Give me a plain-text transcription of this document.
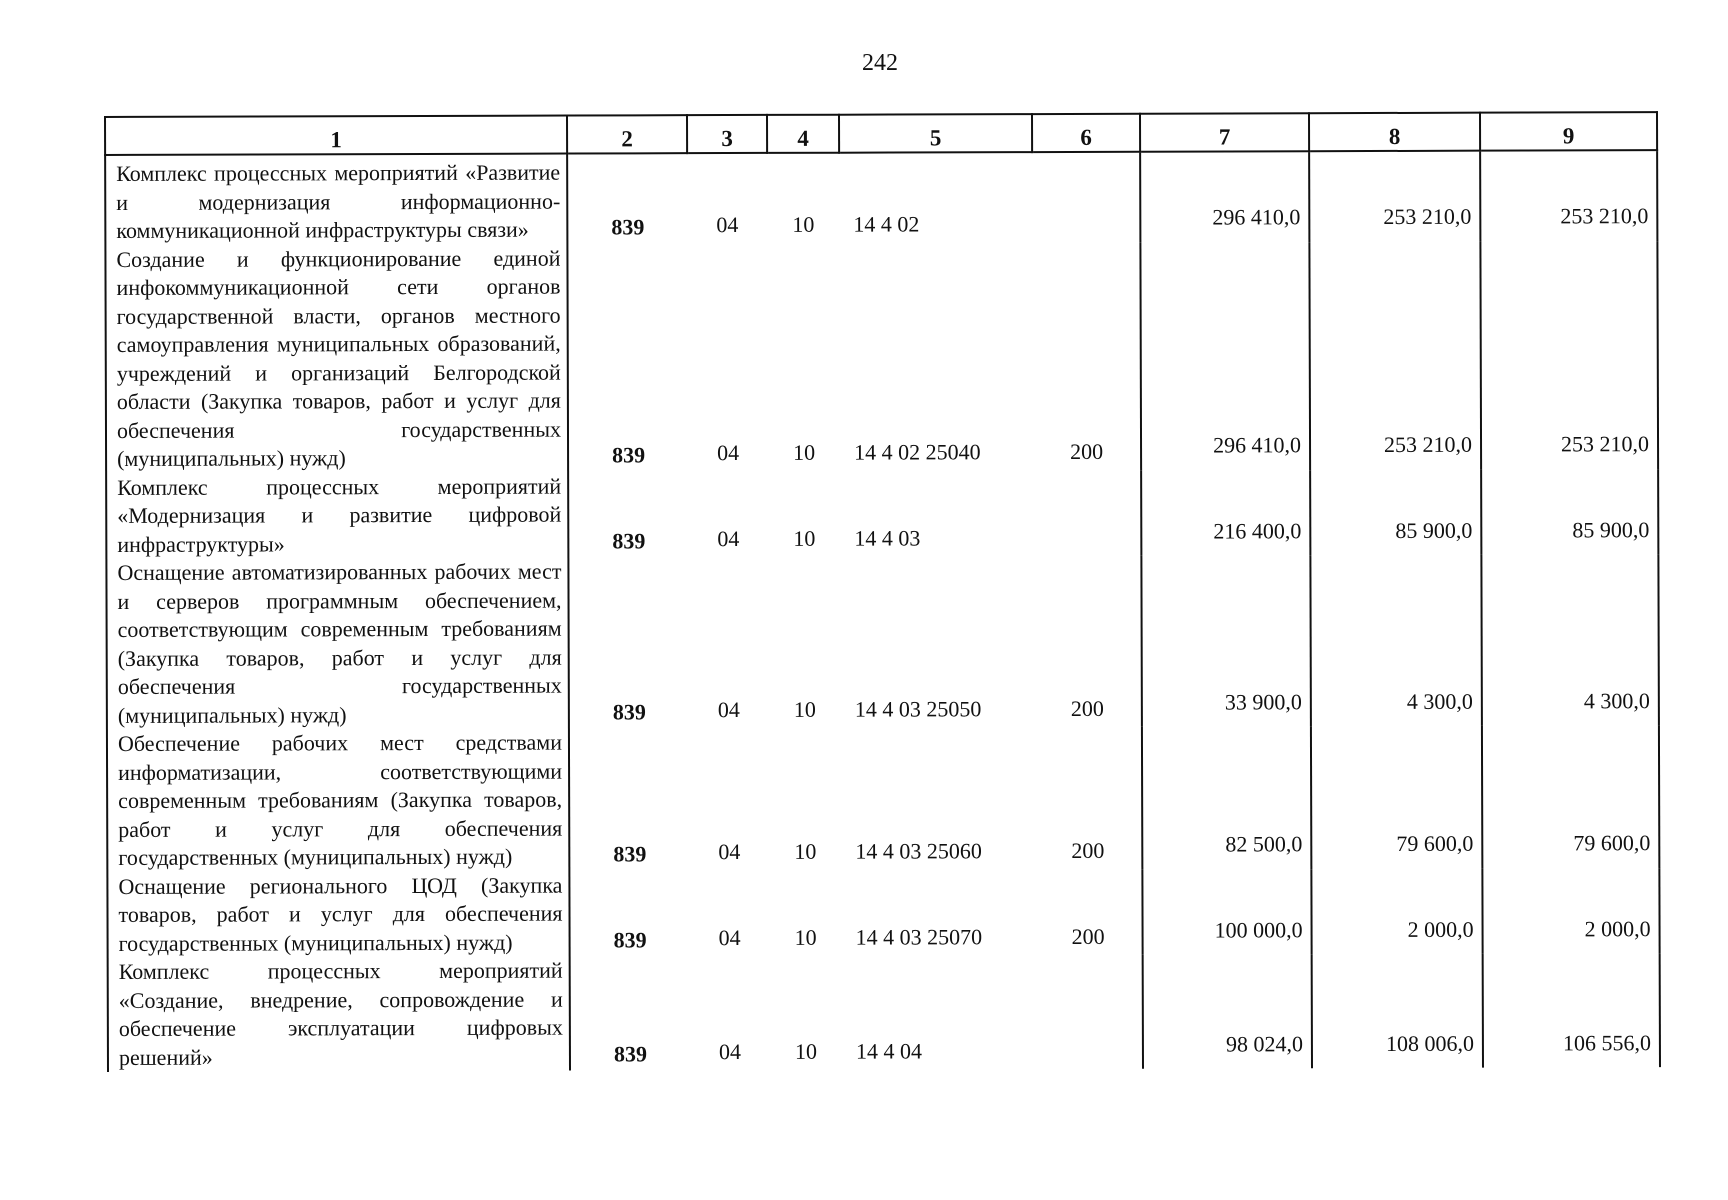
242
1	2	3	4	5	6	7	8	9
Комплекс процессных мероприятий «Развитие и модернизация информационно-коммуникационной инфраструктуры связи»	839	04	10	14 4 02		296 410,0	253 210,0	253 210,0
Создание и функционирование единой инфокоммуникационной сети органов государственной власти, органов местного самоуправления муниципальных образований, учреждений и организаций Белгородской области (Закупка товаров, работ и услуг для обеспечения государственных (муниципальных) нужд)	839	04	10	14 4 02 25040	200	296 410,0	253 210,0	253 210,0
Комплекс процессных мероприятий «Модернизация и развитие цифровой инфраструктуры»	839	04	10	14 4 03		216 400,0	85 900,0	85 900,0
Оснащение автоматизированных рабочих мест и серверов программным обеспечением, соответствующим современным требованиям (Закупка товаров, работ и услуг для обеспечения государственных (муниципальных) нужд)	839	04	10	14 4 03 25050	200	33 900,0	4 300,0	4 300,0
Обеспечение рабочих мест средствами информатизации, соответствующими современным требованиям (Закупка товаров, работ и услуг для обеспечения государственных (муниципальных) нужд)	839	04	10	14 4 03 25060	200	82 500,0	79 600,0	79 600,0
Оснащение регионального ЦОД (Закупка товаров, работ и услуг для обеспечения государственных (муниципальных) нужд)	839	04	10	14 4 03 25070	200	100 000,0	2 000,0	2 000,0
Комплекс процессных мероприятий «Создание, внедрение, сопровождение и обеспечение эксплуатации цифровых решений»	839	04	10	14 4 04		98 024,0	108 006,0	106 556,0
